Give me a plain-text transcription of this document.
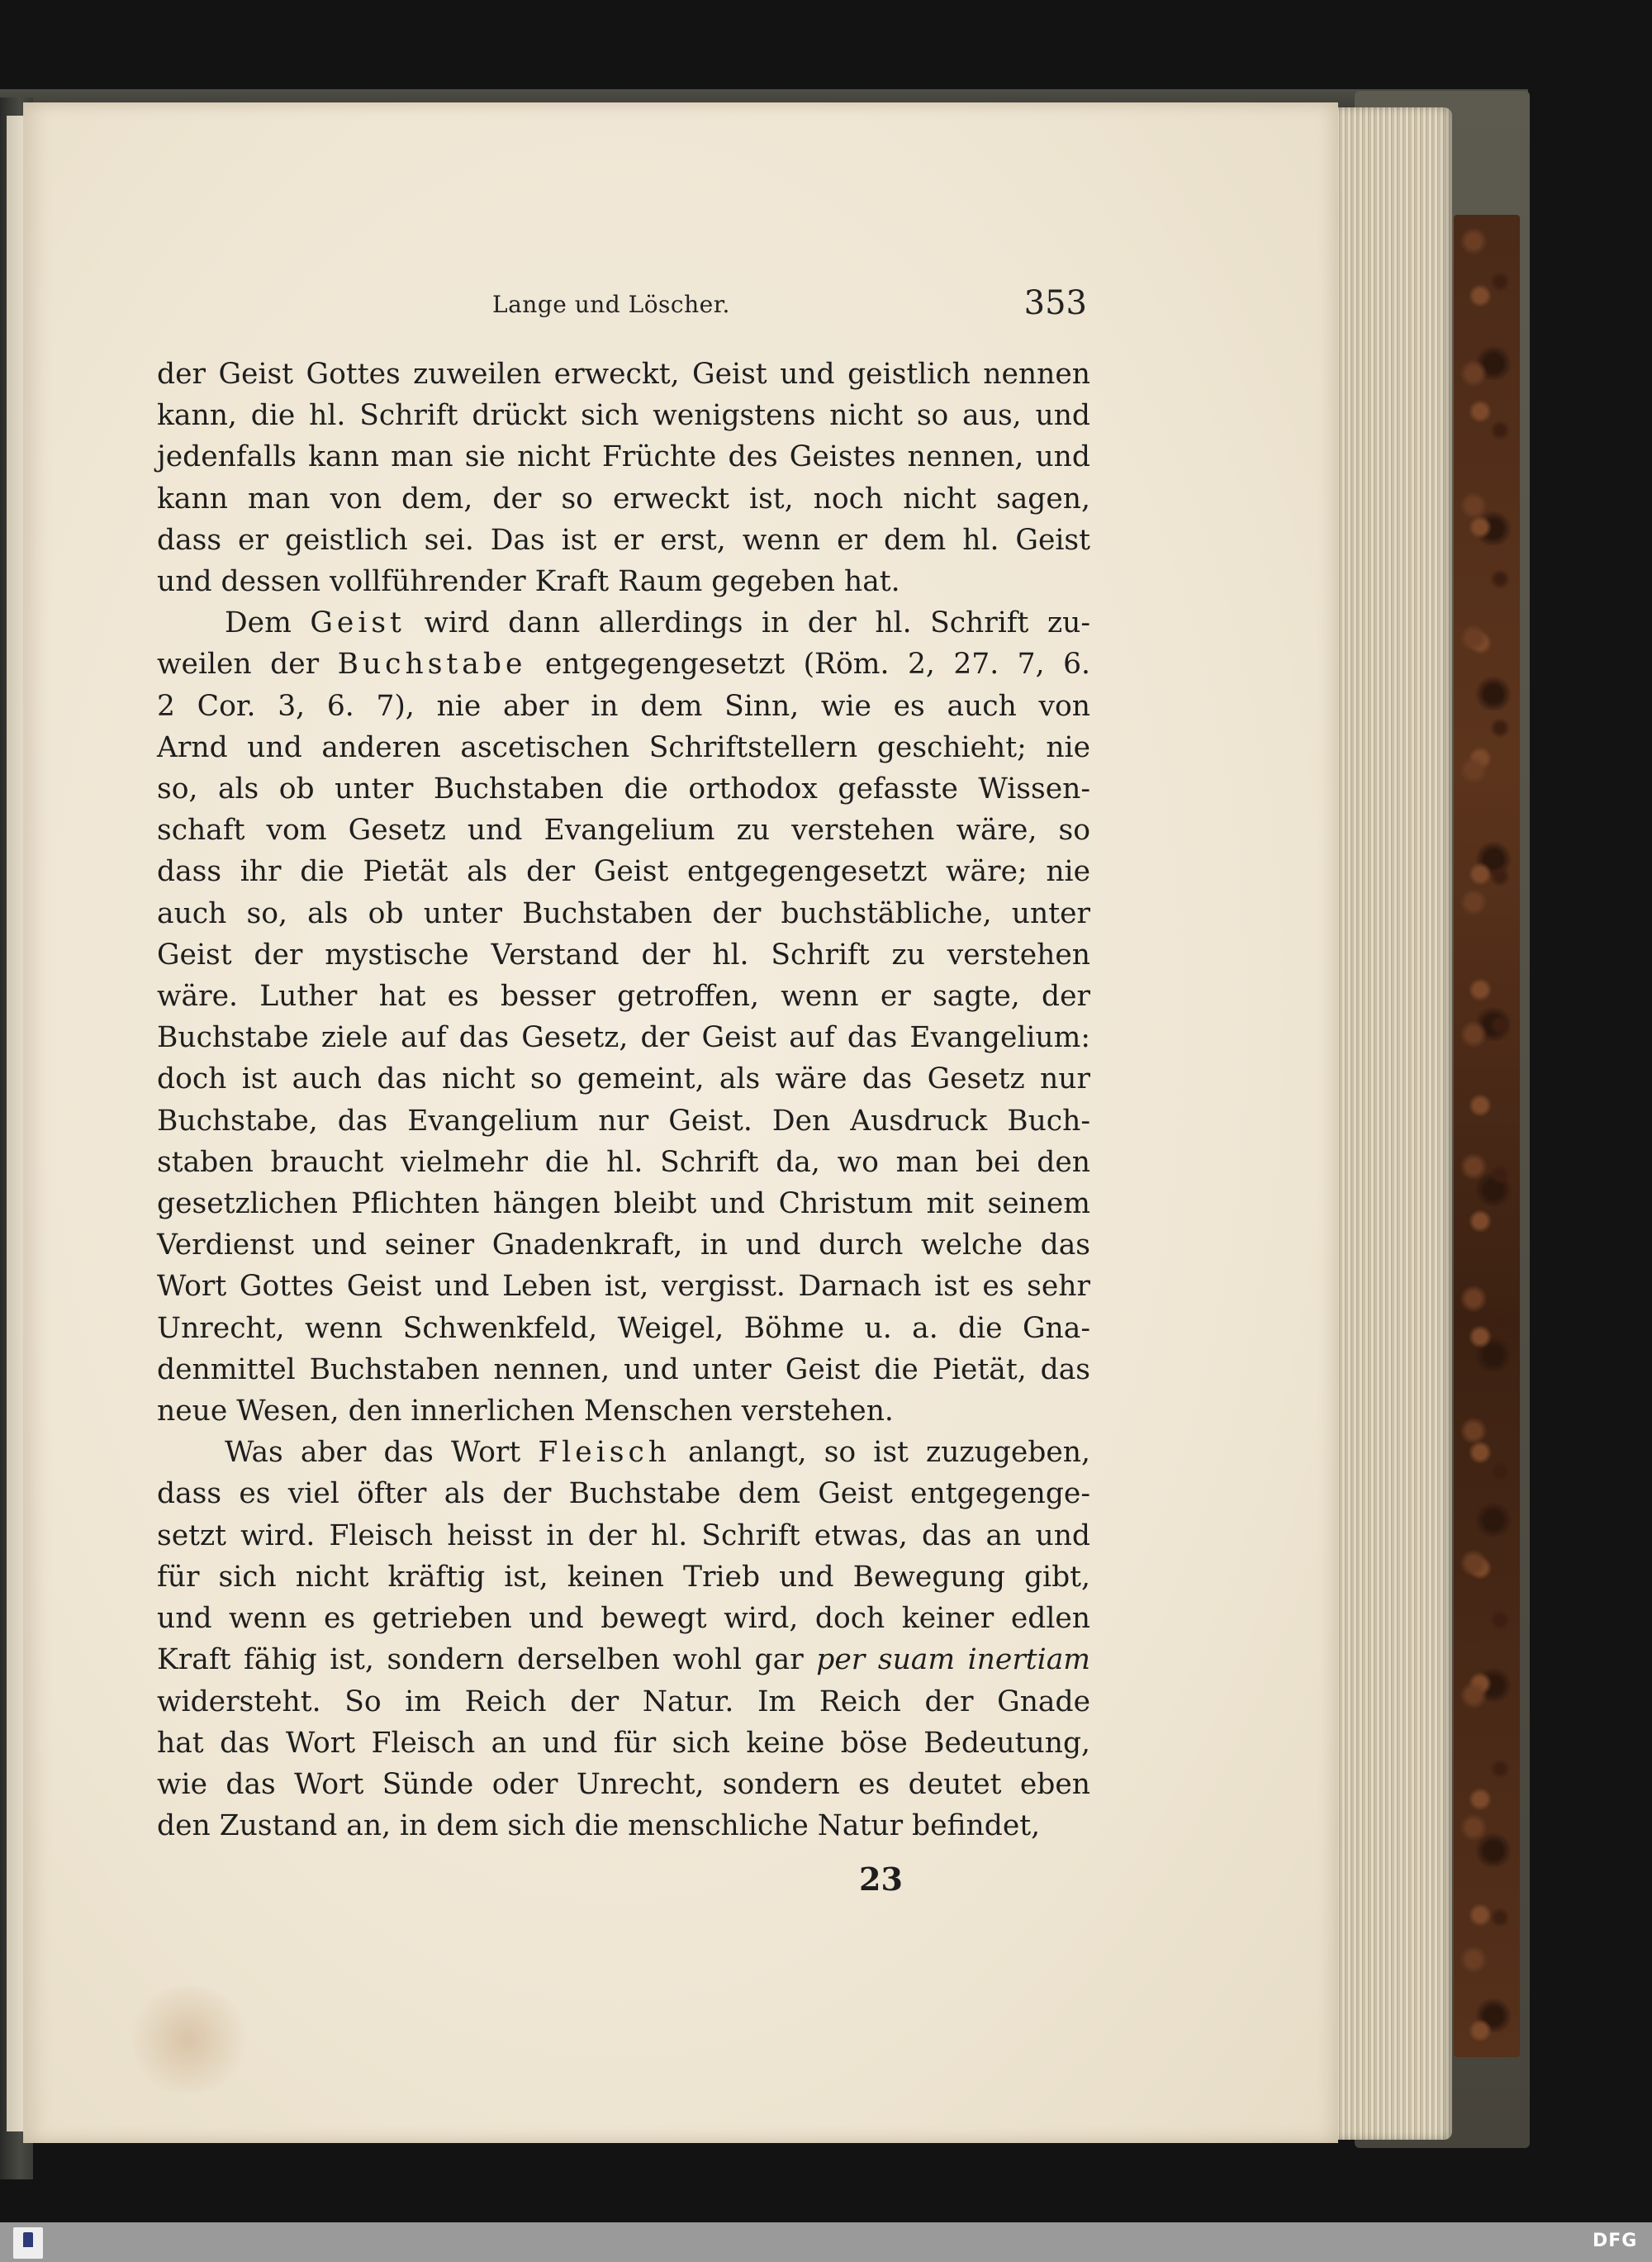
Lange und Löscher.	353

der Geist Gottes zuweilen erweckt, Geist und geistlich nennen
kann, die hl. Schrift drückt sich wenigstens nicht so aus, und
jedenfalls kann man sie nicht Früchte des Geistes nennen, und
kann man von dem, der so erweckt ist, noch nicht sagen,
dass er geistlich sei. Das ist er erst, wenn er dem hl. Geist
und dessen vollführender Kraft Raum gegeben hat.

Dem Geist wird dann allerdings in der hl. Schrift zu-
weilen der Buchstabe entgegengesetzt (Röm. 2, 27. 7, 6.
2 Cor. 3, 6. 7), nie aber in dem Sinn, wie es auch von
Arnd und anderen ascetischen Schriftstellern geschieht; nie
so, als ob unter Buchstaben die orthodox gefasste Wissen-
schaft vom Gesetz und Evangelium zu verstehen wäre, so
dass ihr die Pietät als der Geist entgegengesetzt wäre; nie
auch so, als ob unter Buchstaben der buchstäbliche, unter
Geist der mystische Verstand der hl. Schrift zu verstehen
wäre. Luther hat es besser getroffen, wenn er sagte, der
Buchstabe ziele auf das Gesetz, der Geist auf das Evangelium:
doch ist auch das nicht so gemeint, als wäre das Gesetz nur
Buchstabe, das Evangelium nur Geist. Den Ausdruck Buch-
staben braucht vielmehr die hl. Schrift da, wo man bei den
gesetzlichen Pflichten hängen bleibt und Christum mit seinem
Verdienst und seiner Gnadenkraft, in und durch welche das
Wort Gottes Geist und Leben ist, vergisst. Darnach ist es sehr
Unrecht, wenn Schwenkfeld, Weigel, Böhme u. a. die Gna-
denmittel Buchstaben nennen, und unter Geist die Pietät, das
neue Wesen, den innerlichen Menschen verstehen.

Was aber das Wort Fleisch anlangt, so ist zuzugeben,
dass es viel öfter als der Buchstabe dem Geist entgegenge-
setzt wird. Fleisch heisst in der hl. Schrift etwas, das an und
für sich nicht kräftig ist, keinen Trieb und Bewegung gibt,
und wenn es getrieben und bewegt wird, doch keiner edlen
Kraft fähig ist, sondern derselben wohl gar per suam inertiam
widersteht. So im Reich der Natur. Im Reich der Gnade
hat das Wort Fleisch an und für sich keine böse Bedeutung,
wie das Wort Sünde oder Unrecht, sondern es deutet eben
den Zustand an, in dem sich die menschliche Natur befindet,

23
DFG
